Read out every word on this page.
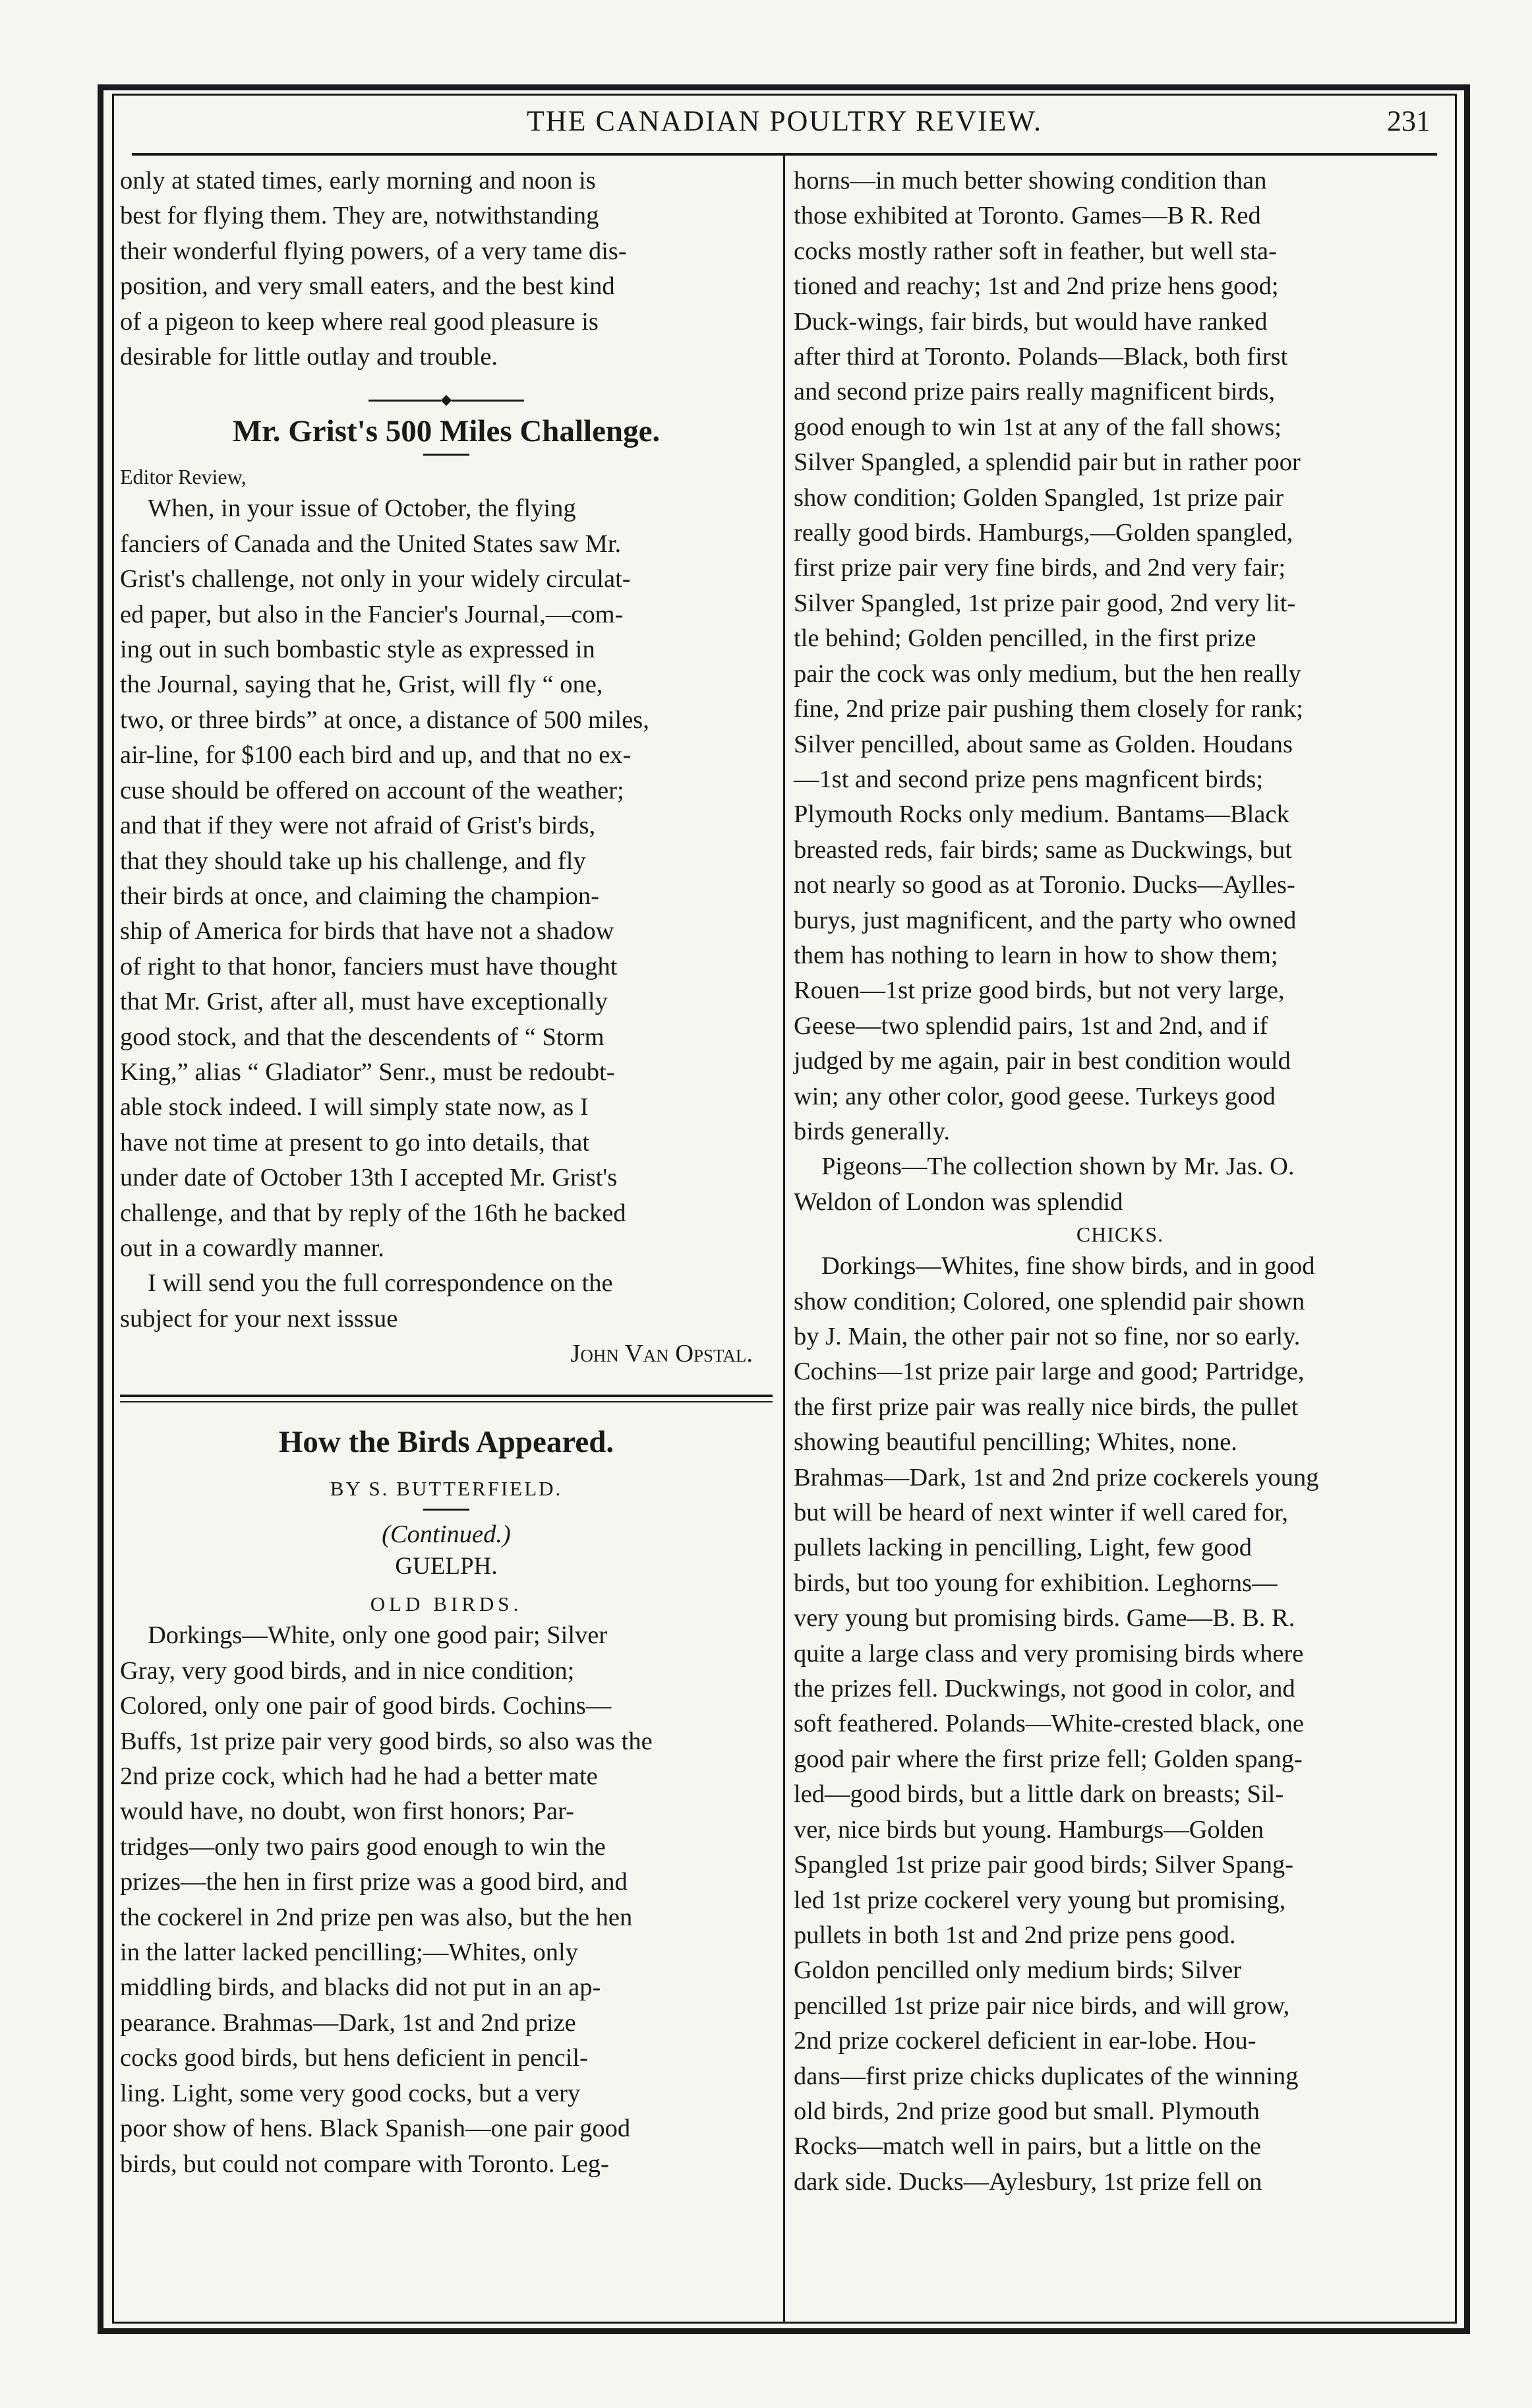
THE CANADIAN POULTRY REVIEW.	231

only at stated times, early morning and noon is

best for flying them. They are, notwithstanding

their wonderful flying powers, of a very tame dis-

position, and very small eaters, and the best kind

of a pigeon to keep where real good pleasure is

desirable for little outlay and trouble.

◆
Mr. Grist's 500 Miles Challenge.
Editor Review,

When, in your issue of October, the flying

fanciers of Canada and the United States saw Mr.

Grist's challenge, not only in your widely circulat-

ed paper, but also in the Fancier's Journal,—com-

ing out in such bombastic style as expressed in

the Journal, saying that he, Grist, will fly “ one,

two, or three birds” at once, a distance of 500 miles,

air-line, for $100 each bird and up, and that no ex-

cuse should be offered on account of the weather;

and that if they were not afraid of Grist's birds,

that they should take up his challenge, and fly

their birds at once, and claiming the champion-

ship of America for birds that have not a shadow

of right to that honor, fanciers must have thought

that Mr. Grist, after all, must have exceptionally

good stock, and that the descendents of “ Storm

King,” alias “ Gladiator” Senr., must be redoubt-

able stock indeed. I will simply state now, as I

have not time at present to go into details, that

under date of October 13th I accepted Mr. Grist's

challenge, and that by reply of the 16th he backed

out in a cowardly manner.

I will send you the full correspondence on the

subject for your next isssue

John Van Opstal.
How the Birds Appeared.
BY S. BUTTERFIELD.
(Continued.)
GUELPH.
OLD BIRDS.

Dorkings—White, only one good pair; Silver

Gray, very good birds, and in nice condition;

Colored, only one pair of good birds. Cochins—

Buffs, 1st prize pair very good birds, so also was the

2nd prize cock, which had he had a better mate

would have, no doubt, won first honors; Par-

tridges—only two pairs good enough to win the

prizes—the hen in first prize was a good bird, and

the cockerel in 2nd prize pen was also, but the hen

in the latter lacked pencilling;—Whites, only

middling birds, and blacks did not put in an ap-

pearance. Brahmas—Dark, 1st and 2nd prize

cocks good birds, but hens deficient in pencil-

ling. Light, some very good cocks, but a very

poor show of hens. Black Spanish—one pair good

birds, but could not compare with Toronto. Leg-

horns—in much better showing condition than

those exhibited at Toronto. Games—B R. Red

cocks mostly rather soft in feather, but well sta-

tioned and reachy; 1st and 2nd prize hens good;

Duck-wings, fair birds, but would have ranked

after third at Toronto. Polands—Black, both first

and second prize pairs really magnificent birds,

good enough to win 1st at any of the fall shows;

Silver Spangled, a splendid pair but in rather poor

show condition; Golden Spangled, 1st prize pair

really good birds. Hamburgs,—Golden spangled,

first prize pair very fine birds, and 2nd very fair;

Silver Spangled, 1st prize pair good, 2nd very lit-

tle behind; Golden pencilled, in the first prize

pair the cock was only medium, but the hen really

fine, 2nd prize pair pushing them closely for rank;

Silver pencilled, about same as Golden. Houdans

—1st and second prize pens magnficent birds;

Plymouth Rocks only medium. Bantams—Black

breasted reds, fair birds; same as Duckwings, but

not nearly so good as at Toronio. Ducks—Aylles-

burys, just magnificent, and the party who owned

them has nothing to learn in how to show them;

Rouen—1st prize good birds, but not very large,

Geese—two splendid pairs, 1st and 2nd, and if

judged by me again, pair in best condition would

win; any other color, good geese. Turkeys good

birds generally.

Pigeons—The collection shown by Mr. Jas. O.

Weldon of London was splendid

CHICKS.

Dorkings—Whites, fine show birds, and in good

show condition; Colored, one splendid pair shown

by J. Main, the other pair not so fine, nor so early.

Cochins—1st prize pair large and good; Partridge,

the first prize pair was really nice birds, the pullet

showing beautiful pencilling; Whites, none.

Brahmas—Dark, 1st and 2nd prize cockerels young

but will be heard of next winter if well cared for,

pullets lacking in pencilling, Light, few good

birds, but too young for exhibition. Leghorns—

very young but promising birds. Game—B. B. R.

quite a large class and very promising birds where

the prizes fell. Duckwings, not good in color, and

soft feathered. Polands—White-crested black, one

good pair where the first prize fell; Golden spang-

led—good birds, but a little dark on breasts; Sil-

ver, nice birds but young. Hamburgs—Golden

Spangled 1st prize pair good birds; Silver Spang-

led 1st prize cockerel very young but promising,

pullets in both 1st and 2nd prize pens good.

Goldon pencilled only medium birds; Silver

pencilled 1st prize pair nice birds, and will grow,

2nd prize cockerel deficient in ear-lobe. Hou-

dans—first prize chicks duplicates of the winning

old birds, 2nd prize good but small. Plymouth

Rocks—match well in pairs, but a little on the

dark side. Ducks—Aylesbury, 1st prize fell on
